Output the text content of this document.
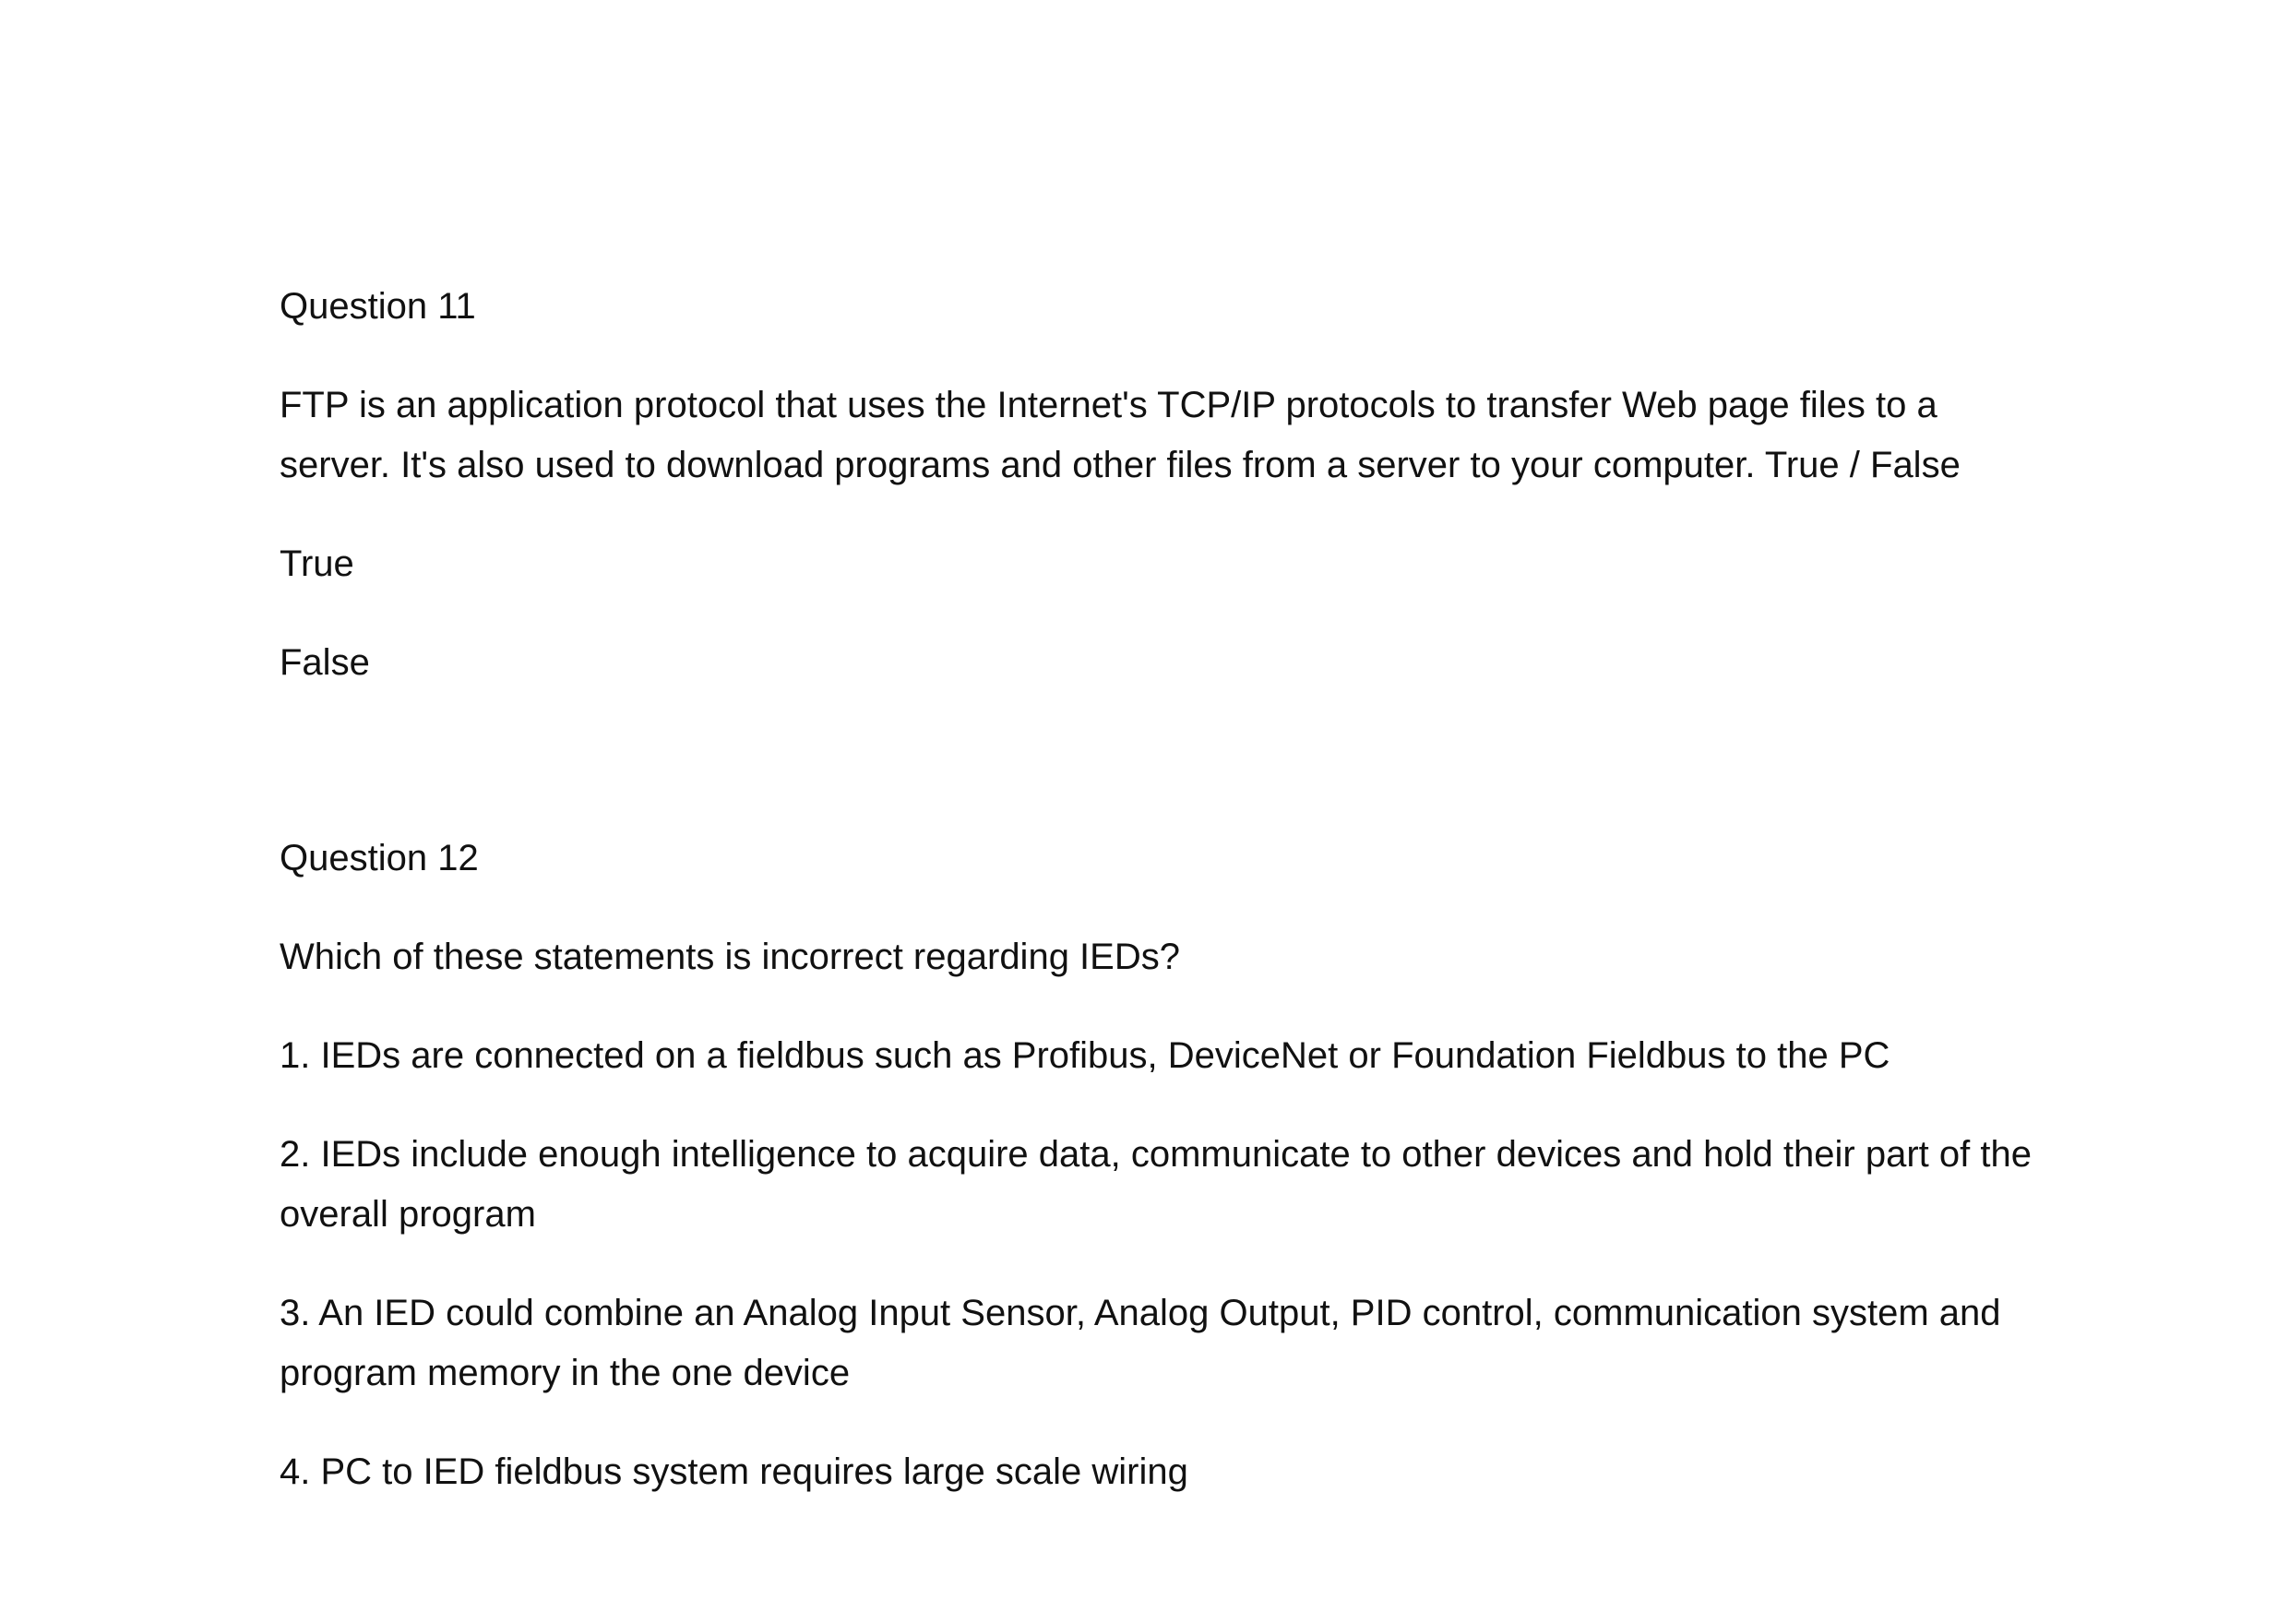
Question 11

FTP is an application protocol that uses the Internet's TCP/IP protocols to transfer Web page files to a server. It's also used to download programs and other files from a server to your computer. True / False

True

False

Question 12

Which of these statements is incorrect regarding IEDs?

1. IEDs are connected on a fieldbus such as Profibus, DeviceNet or Foundation Fieldbus to the PC

2. IEDs include enough intelligence to acquire data, communicate to other devices and hold their part of the overall program

3. An IED could combine an Analog Input Sensor, Analog Output, PID control, communication system and program memory in the one device

4. PC to IED fieldbus system requires large scale wiring
